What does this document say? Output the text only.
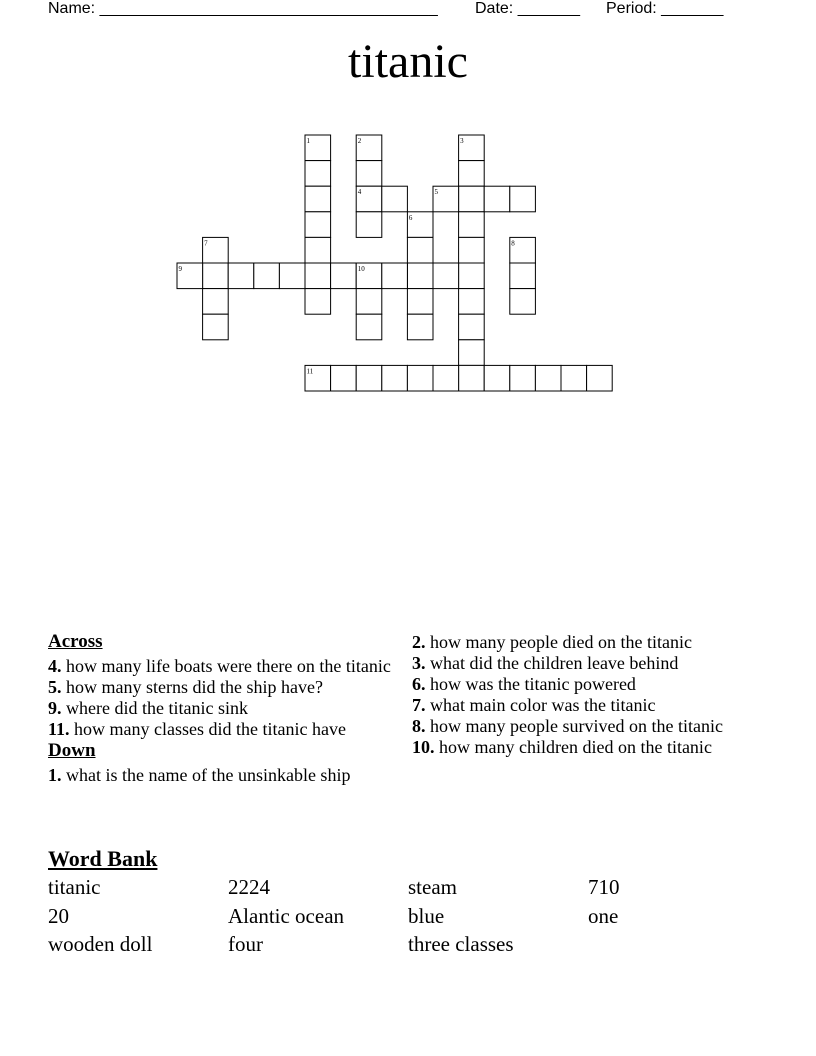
Name: ______________________________________ Date: _______ Period: _______
titanic
1	2	3
4	5
6
7	8
9	10
11
Across
4. how many life boats were there on the titanic
5. how many sterns did the ship have?
9. where did the titanic sink
11. how many classes did the titanic have
Down
1. what is the name of the unsinkable ship
2. how many people died on the titanic
3. what did the children leave behind
6. how was the titanic powered
7. what main color was the titanic
8. how many people survived on the titanic
10. how many children died on the titanic
Word Bank
titanic	2224	steam	710
20	Alantic ocean	blue	one
wooden doll	four	three classes
